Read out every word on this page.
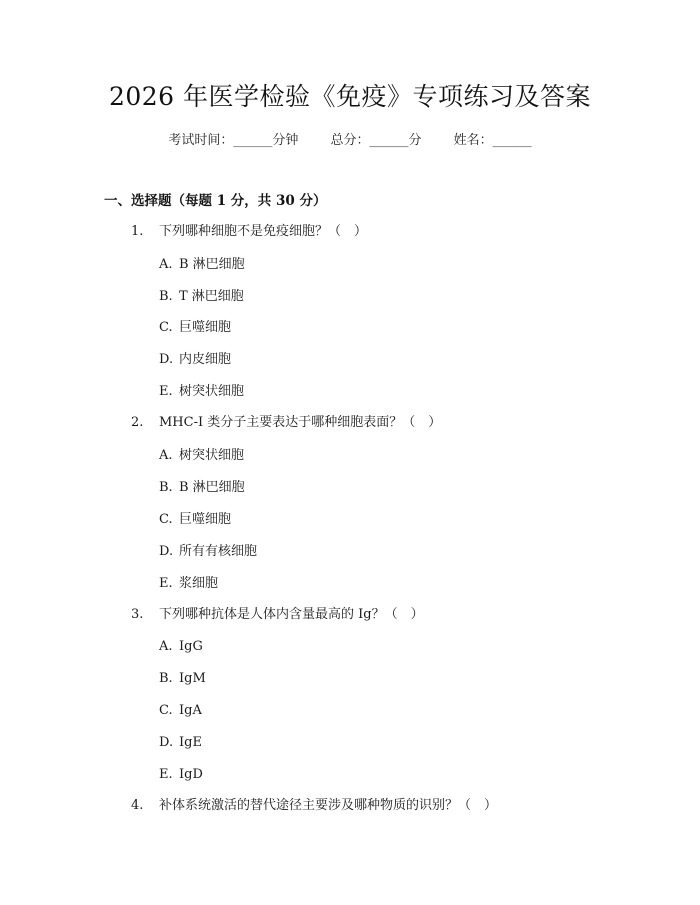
2026 年医学检验《免疫》专项练习及答案
考试时间：______分钟 总分：______分 姓名：______
一、选择题（每题 1 分，共 30 分）
1.	下列哪种细胞不是免疫细胞？（　）
A. B 淋巴细胞
B. T 淋巴细胞
C. 巨噬细胞
D. 内皮细胞
E. 树突状细胞
2.	MHC-I 类分子主要表达于哪种细胞表面？（　）
A. 树突状细胞
B. B 淋巴细胞
C. 巨噬细胞
D. 所有有核细胞
E. 浆细胞
3.	下列哪种抗体是人体内含量最高的 Ig？（　）
A. IgG
B. IgM
C. IgA
D. IgE
E. IgD
4.	补体系统激活的替代途径主要涉及哪种物质的识别？（　）
